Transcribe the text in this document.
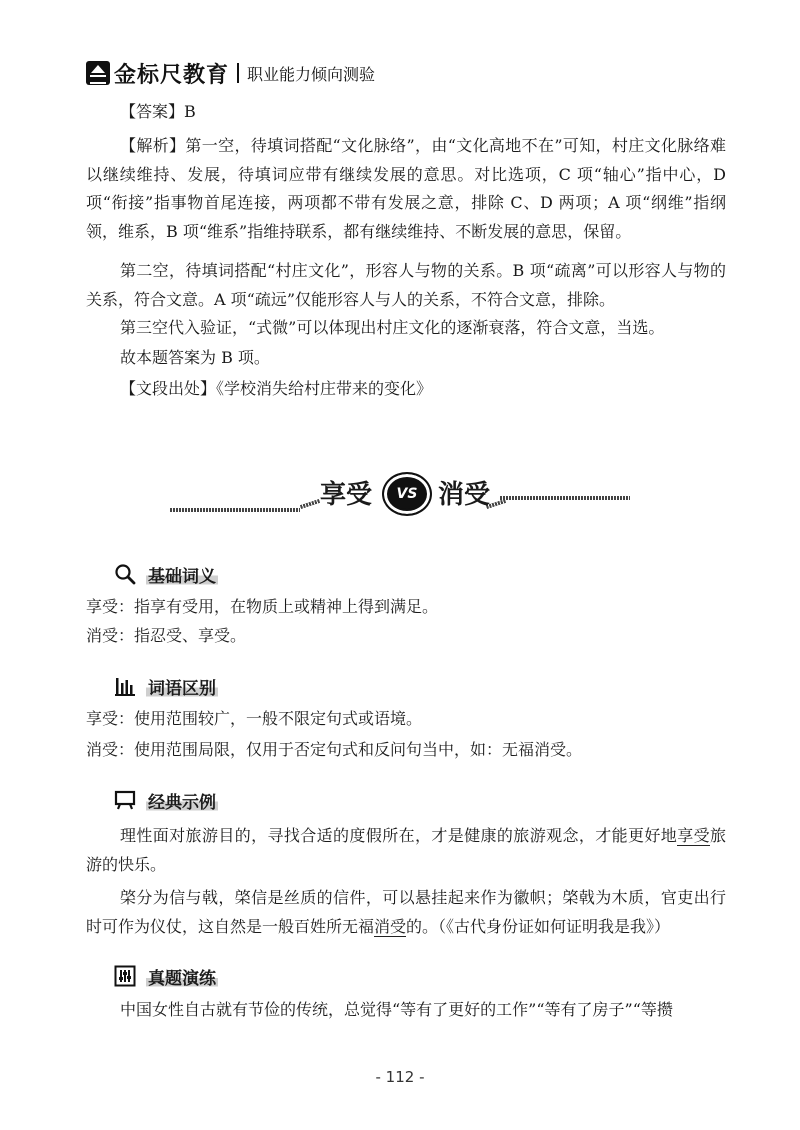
金标尺教育 职业能力倾向测验

【答案】B

【解析】第一空，待填词搭配“文化脉络”，由“文化高地不在”可知，村庄文化脉络难以继续维持、发展，待填词应带有继续发展的意思。对比选项，C 项“轴心”指中心，D 项“衔接”指事物首尾连接，两项都不带有发展之意，排除 C、D 两项；A 项“纲维”指纲领，维系，B 项“维系”指维持联系，都有继续维持、不断发展的意思，保留。

第二空，待填词搭配“村庄文化”，形容人与物的关系。B 项“疏离”可以形容人与物的关系，符合文意。A 项“疏远”仅能形容人与人的关系，不符合文意，排除。

第三空代入验证，“式微”可以体现出村庄文化的逐渐衰落，符合文意，当选。

故本题答案为 B 项。

【文段出处】《学校消失给村庄带来的变化》

享受 VS 消受
基础词义

享受：指享有受用，在物质上或精神上得到满足。

消受：指忍受、享受。

词语区别

享受：使用范围较广，一般不限定句式或语境。

消受：使用范围局限，仅用于否定句式和反问句当中，如：无福消受。

经典示例

理性面对旅游目的，寻找合适的度假所在，才是健康的旅游观念，才能更好地享受旅游的快乐。

棨分为信与戟，棨信是丝质的信件，可以悬挂起来作为徽帜；棨戟为木质，官吏出行时可作为仪仗，这自然是一般百姓所无福消受的。（《古代身份证如何证明我是我》）

真题演练

中国女性自古就有节俭的传统，总觉得“等有了更好的工作”“等有了房子”“等攒

- 112 -
